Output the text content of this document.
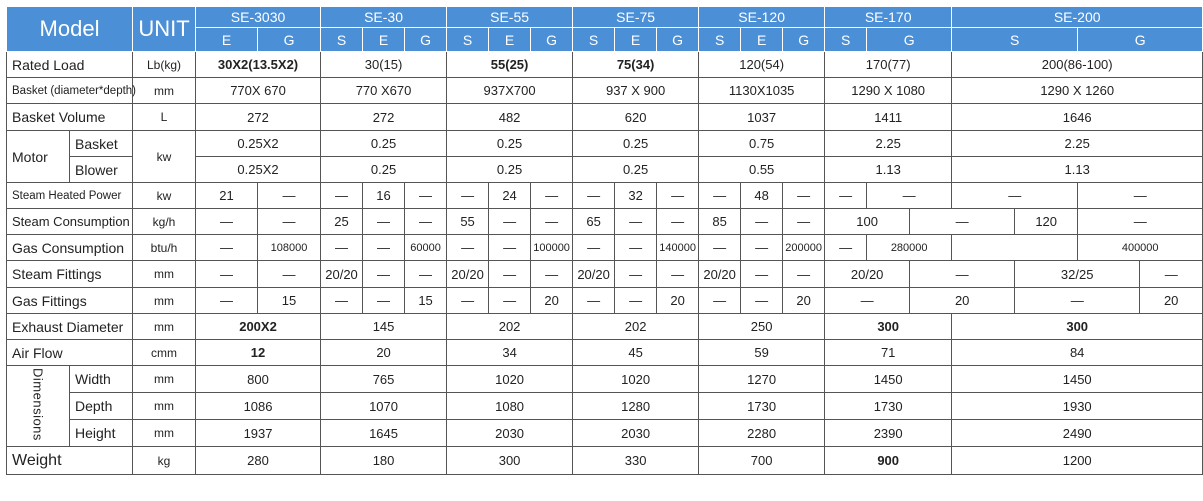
Model		UNIT	SE-3030		SE-30			SE-55			SE-75			SE-120			SE-170			SE-200			
			E	G	S	E	G	S	E	G	S	E	G	S	E	G	S	G		S		G	
Rated Load		Lb(kg)	30X2(13.5X2)		30(15)			55(25)			75(34)			120(54)			170(77)			200(86-100)			
Basket (diameter*depth)		mm	770X 670		770 X670			937X700			937 X 900			1130X1035			1290 X 1080			1290 X 1260			
Basket Volume		L	272		272			482			620			1037			1411			1646			
Motor	Basket	kw	0.25X2		0.25			0.25			0.25			0.75			2.25			2.25			
	Blower		0.25X2		0.25			0.25			0.25			0.55			1.13			1.13			
Steam Heated Power		kw	21	—	—	16	—	—	24	—	—	32	—	—	48	—	—	—		—		—	
Steam Consumption		kg/h	—	—	25	—	—	55	—	—	65	—	—	85	—	—	100		—		120	—	
Gas Consumption		btu/h	—	108000	—	—	60000	—	—	100000	—	—	140000	—	—	200000	—	280000				400000	
Steam Fittings		mm	—	—	20/20	—	—	20/20	—	—	20/20	—	—	20/20	—	—	20/20		—		32/25		—
Gas Fittings		mm	—	15	—	—	15	—	—	20	—	—	20	—	—	20	—		20		—		20
Exhaust Diameter		mm	200X2		145			202			202			250			300			300			
Air Flow		cmm	12		20			34			45			59			71			84			
Dimensions	Width	mm	800		765			1020			1020			1270			1450			1450			
	Depth	mm	1086		1070			1080			1280			1730			1730			1930			
	Height	mm	1937		1645			2030			2030			2280			2390			2490			
Weight		kg	280		180			300			330			700			900			1200			
